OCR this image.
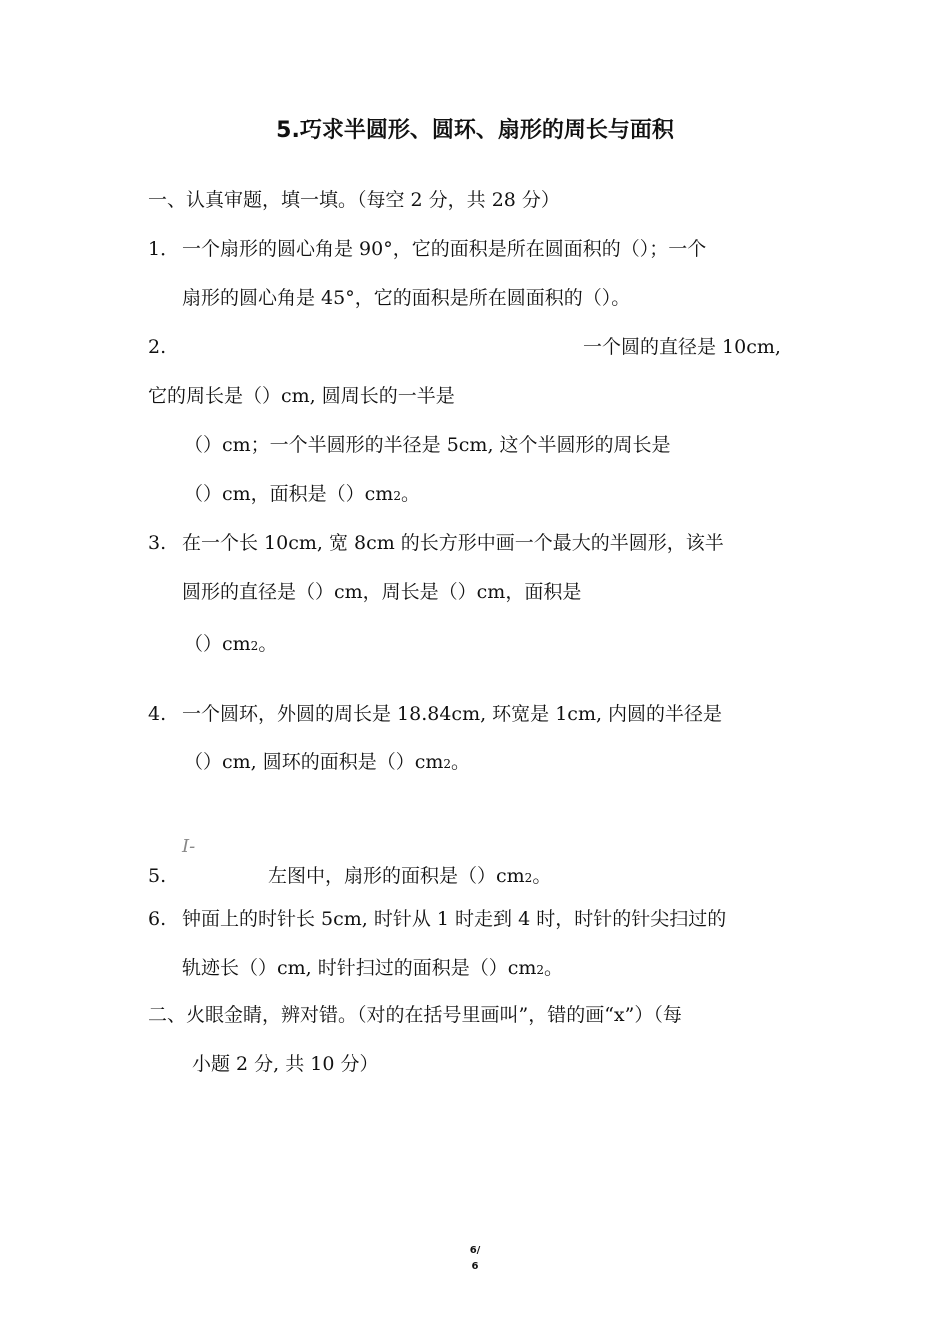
5.巧求半圆形、圆环、扇形的周长与面积
一、认真审题，填一填。（每空 2 分，共 28 分）
1． 一个扇形的圆心角是 90°，它的面积是所在圆面积的（）；一个
扇形的圆心角是 45°，它的面积是所在圆面积的（）。
2.	一个圆的直径是 10cm,
它的周长是（）cm, 圆周长的一半是
（）cm；一个半圆形的半径是 5cm, 这个半圆形的周长是
（）cm，面积是（）cm2。
3. 在一个长 10cm, 宽 8cm 的长方形中画一个最大的半圆形，该半
圆形的直径是（）cm，周长是（）cm，面积是
（）cm2。
4. 一个圆环，外圆的周长是 18.84cm, 环宽是 1cm, 内圆的半径是
（）cm, 圆环的面积是（）cm2。
I-
5.	左图中，扇形的面积是（）cm2。
6. 钟面上的时针长 5cm, 时针从 1 时走到 4 时，时针的针尖扫过的
轨迹长（）cm, 时针扫过的面积是（）cm2。
二、火眼金睛，辨对错。（对的在括号里画叫”，错的画“x”）（每
小题 2 分, 共 10 分）
6/
6
